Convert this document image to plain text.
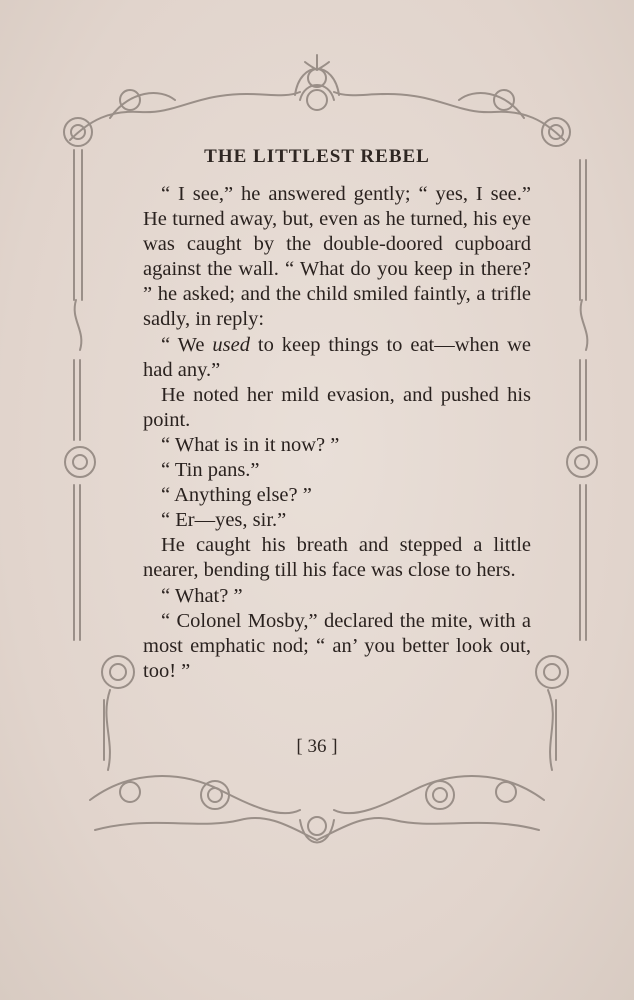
THE LITTLEST REBEL

“ I see,” he answered gently; “ yes, I see.” He turned away, but, even as he turned, his eye was caught by the double-doored cupboard against the wall. “ What do you keep in there? ” he asked; and the child smiled faintly, a trifle sadly, in reply:

“ We used to keep things to eat—when we had any.”

He noted her mild evasion, and pushed his point.

“ What is in it now? ”

“ Tin pans.”

“ Anything else? ”

“ Er—yes, sir.”

He caught his breath and stepped a little nearer, bending till his face was close to hers.

“ What? ”

“ Colonel Mosby,” declared the mite, with a most emphatic nod; “ an’ you better look out, too! ”

[ 36 ]
